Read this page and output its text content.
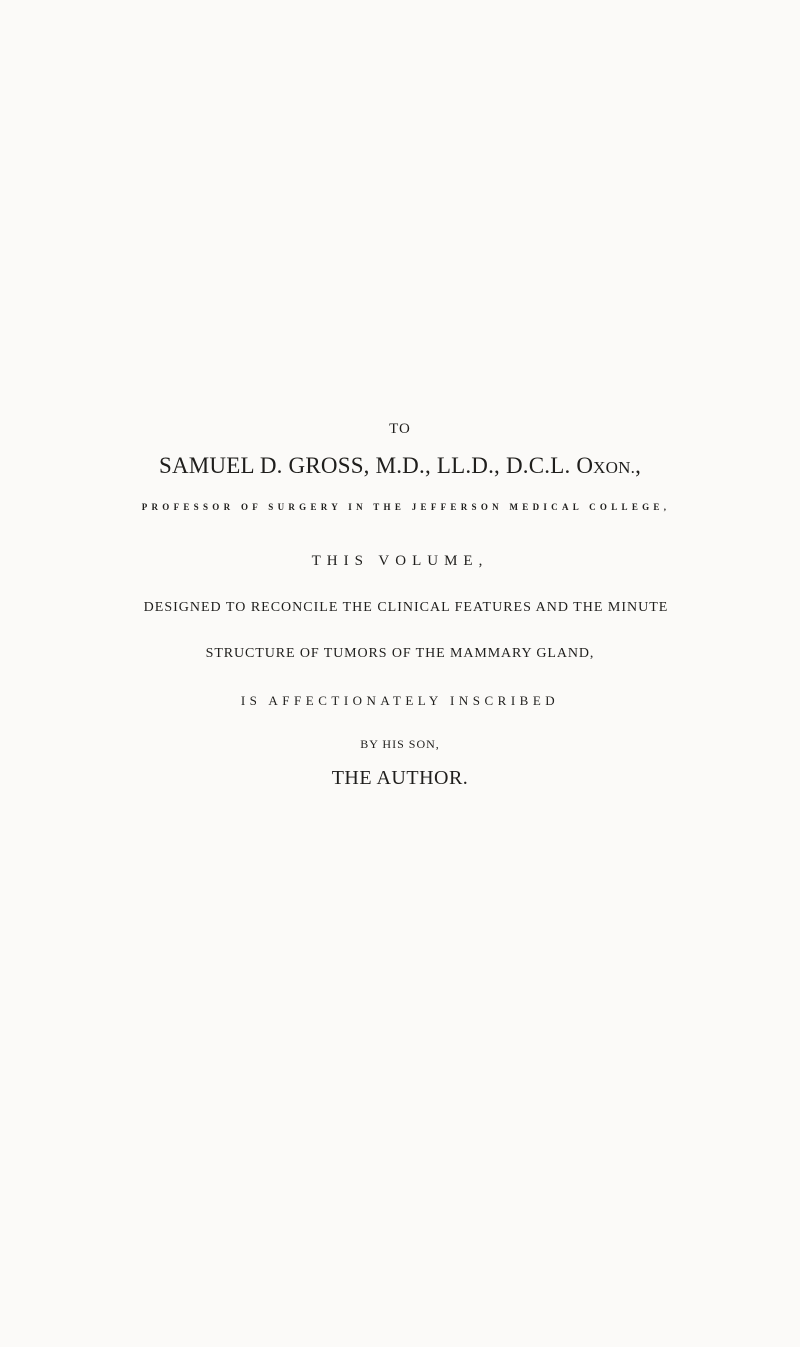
TO
SAMUEL D. GROSS, M.D., LL.D., D.C.L. OXON.,
PROFESSOR OF SURGERY IN THE JEFFERSON MEDICAL COLLEGE,
THIS VOLUME,
DESIGNED TO RECONCILE THE CLINICAL FEATURES AND THE MINUTE
STRUCTURE OF TUMORS OF THE MAMMARY GLAND,
IS AFFECTIONATELY INSCRIBED
BY HIS SON,
THE AUTHOR.
